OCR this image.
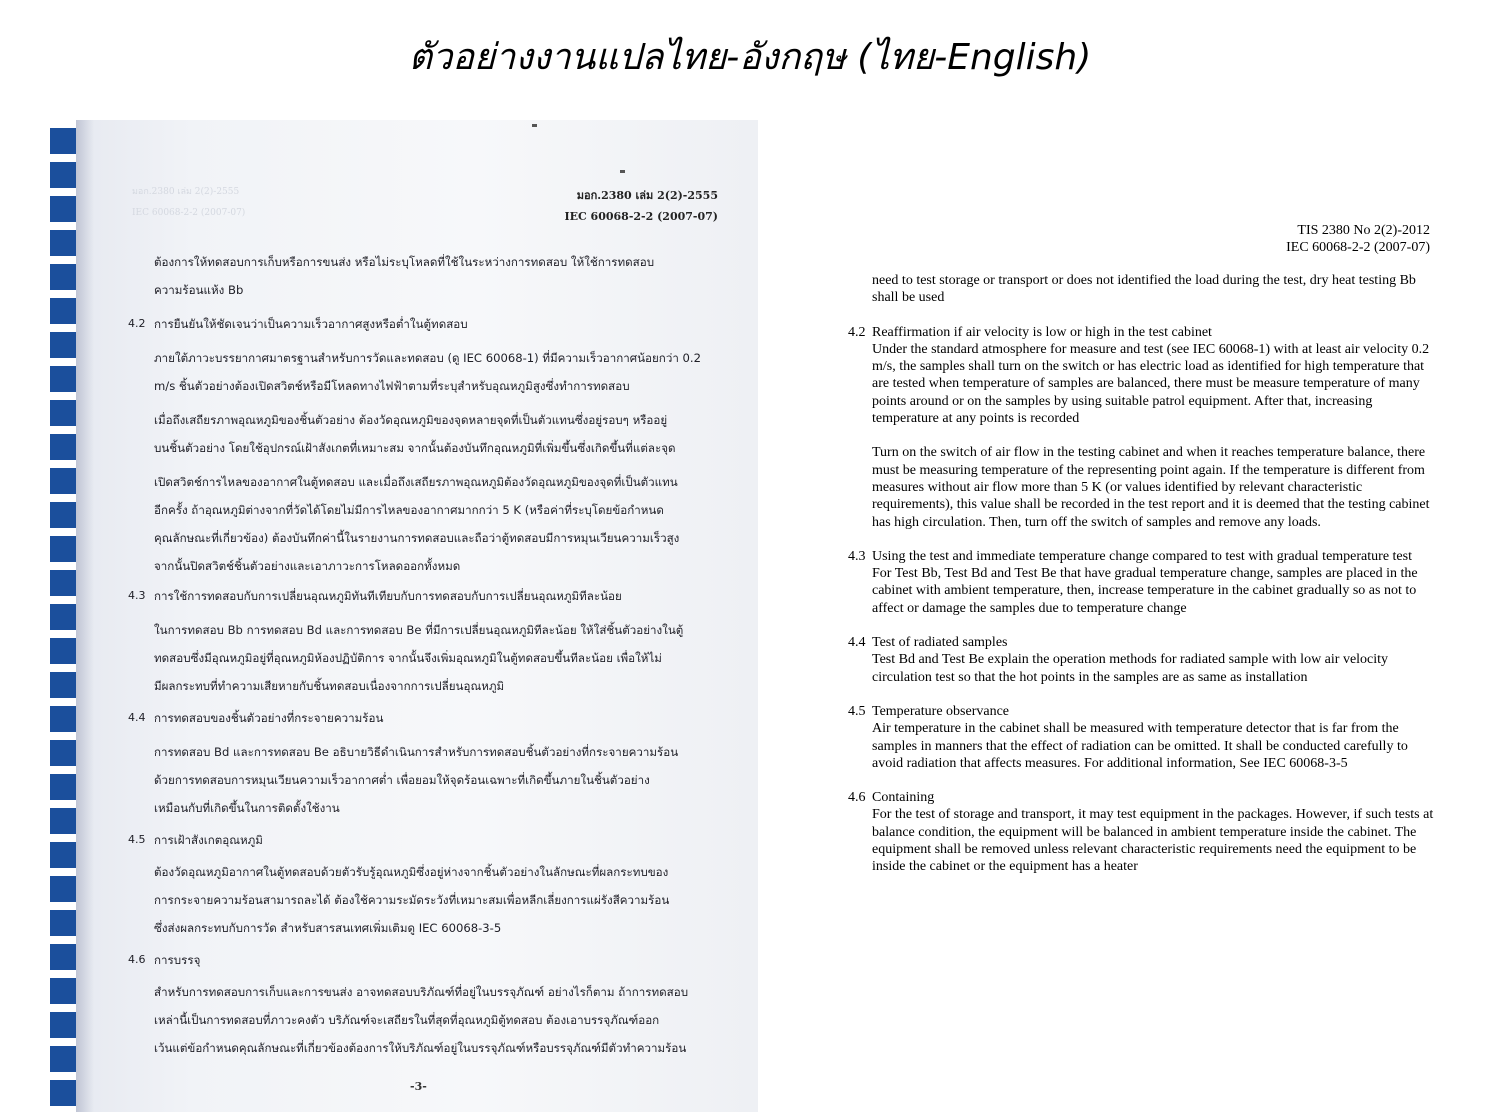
ตัวอย่างงานแปลไทย-อังกฤษ (ไทย-English)
มอก.2380 เล่ม 2(2)-2555
IEC 60068-2-2 (2007-07)
มอก.2380 เล่ม 2(2)-2555
IEC 60068-2-2 (2007-07)
ต้องการให้ทดสอบการเก็บหรือการขนส่ง หรือไม่ระบุโหลดที่ใช้ในระหว่างการทดสอบ ให้ใช้การทดสอบ
ความร้อนแห้ง Bb
4.2 การยืนยันให้ชัดเจนว่าเป็นความเร็วอากาศสูงหรือต่ำในตู้ทดสอบ
ภายใต้ภาวะบรรยากาศมาตรฐานสำหรับการวัดและทดสอบ (ดู IEC 60068-1) ที่มีความเร็วอากาศน้อยกว่า 0.2
m/s ชิ้นตัวอย่างต้องเปิดสวิตช์หรือมีโหลดทางไฟฟ้าตามที่ระบุสำหรับอุณหภูมิสูงซึ่งทำการทดสอบ
เมื่อถึงเสถียรภาพอุณหภูมิของชิ้นตัวอย่าง ต้องวัดอุณหภูมิของจุดหลายจุดที่เป็นตัวแทนซึ่งอยู่รอบๆ หรืออยู่
บนชิ้นตัวอย่าง โดยใช้อุปกรณ์เฝ้าสังเกตที่เหมาะสม จากนั้นต้องบันทึกอุณหภูมิที่เพิ่มขึ้นซึ่งเกิดขึ้นที่แต่ละจุด
เปิดสวิตช์การไหลของอากาศในตู้ทดสอบ และเมื่อถึงเสถียรภาพอุณหภูมิต้องวัดอุณหภูมิของจุดที่เป็นตัวแทน
อีกครั้ง ถ้าอุณหภูมิต่างจากที่วัดได้โดยไม่มีการไหลของอากาศมากกว่า 5 K (หรือค่าที่ระบุโดยข้อกำหนด
คุณลักษณะที่เกี่ยวข้อง) ต้องบันทึกค่านี้ในรายงานการทดสอบและถือว่าตู้ทดสอบมีการหมุนเวียนความเร็วสูง
จากนั้นปิดสวิตช์ชิ้นตัวอย่างและเอาภาวะการโหลดออกทั้งหมด
4.3 การใช้การทดสอบกับการเปลี่ยนอุณหภูมิทันทีเทียบกับการทดสอบกับการเปลี่ยนอุณหภูมิทีละน้อย
ในการทดสอบ Bb การทดสอบ Bd และการทดสอบ Be ที่มีการเปลี่ยนอุณหภูมิทีละน้อย ให้ใส่ชิ้นตัวอย่างในตู้
ทดสอบซึ่งมีอุณหภูมิอยู่ที่อุณหภูมิห้องปฏิบัติการ จากนั้นจึงเพิ่มอุณหภูมิในตู้ทดสอบขึ้นทีละน้อย เพื่อให้ไม่
มีผลกระทบที่ทำความเสียหายกับชิ้นทดสอบเนื่องจากการเปลี่ยนอุณหภูมิ
4.4 การทดสอบของชิ้นตัวอย่างที่กระจายความร้อน
การทดสอบ Bd และการทดสอบ Be อธิบายวิธีดำเนินการสำหรับการทดสอบชิ้นตัวอย่างที่กระจายความร้อน
ด้วยการทดสอบการหมุนเวียนความเร็วอากาศต่ำ เพื่อยอมให้จุดร้อนเฉพาะที่เกิดขึ้นภายในชิ้นตัวอย่าง
เหมือนกับที่เกิดขึ้นในการติดตั้งใช้งาน
4.5 การเฝ้าสังเกตอุณหภูมิ
ต้องวัดอุณหภูมิอากาศในตู้ทดสอบด้วยตัวรับรู้อุณหภูมิซึ่งอยู่ห่างจากชิ้นตัวอย่างในลักษณะที่ผลกระทบของ
การกระจายความร้อนสามารถละได้ ต้องใช้ความระมัดระวังที่เหมาะสมเพื่อหลีกเลี่ยงการแผ่รังสีความร้อน
ซึ่งส่งผลกระทบกับการวัด สำหรับสารสนเทศเพิ่มเติมดู IEC 60068-3-5
4.6 การบรรจุ
สำหรับการทดสอบการเก็บและการขนส่ง อาจทดสอบบริภัณฑ์ที่อยู่ในบรรจุภัณฑ์ อย่างไรก็ตาม ถ้าการทดสอบ
เหล่านี้เป็นการทดสอบที่ภาวะคงตัว บริภัณฑ์จะเสถียรในที่สุดที่อุณหภูมิตู้ทดสอบ ต้องเอาบรรจุภัณฑ์ออก
เว้นแต่ข้อกำหนดคุณลักษณะที่เกี่ยวข้องต้องการให้บริภัณฑ์อยู่ในบรรจุภัณฑ์หรือบรรจุภัณฑ์มีตัวทำความร้อน
-3-
TIS 2380 No 2(2)-2012
IEC 60068-2-2 (2007-07)
need to test storage or transport or does not identified the load during the test, dry heat testing Bb shall be used
4.2 Reaffirmation if air velocity is low or high in the test cabinet
Under the standard atmosphere for measure and test (see IEC 60068-1) with at least air velocity 0.2 m/s, the samples shall turn on the switch or has electric load as identified for high temperature that are tested when temperature of samples are balanced, there must be measure temperature of many points around or on the samples by using suitable patrol equipment. After that, increasing temperature at any points is recorded
Turn on the switch of air flow in the testing cabinet and when it reaches temperature balance, there must be measuring temperature of the representing point again. If the temperature is different from measures without air flow more than 5 K (or values identified by relevant characteristic requirements), this value shall be recorded in the test report and it is deemed that the testing cabinet has high circulation. Then, turn off the switch of samples and remove any loads.
4.3 Using the test and immediate temperature change compared to test with gradual temperature test
For Test Bb, Test Bd and Test Be that have gradual temperature change, samples are placed in the cabinet with ambient temperature, then, increase temperature in the cabinet gradually so as not to affect or damage the samples due to temperature change
4.4 Test of radiated samples
Test Bd and Test Be explain the operation methods for radiated sample with low air velocity circulation test so that the hot points in the samples are as same as installation
4.5 Temperature observance
Air temperature in the cabinet shall be measured with temperature detector that is far from the samples in manners that the effect of radiation can be omitted. It shall be conducted carefully to avoid radiation that affects measures. For additional information, See IEC 60068-3-5
4.6 Containing
For the test of storage and transport, it may test equipment in the packages. However, if such tests at balance condition, the equipment will be balanced in ambient temperature inside the cabinet. The equipment shall be removed unless relevant characteristic requirements need the equipment to be inside the cabinet or the equipment has a heater
